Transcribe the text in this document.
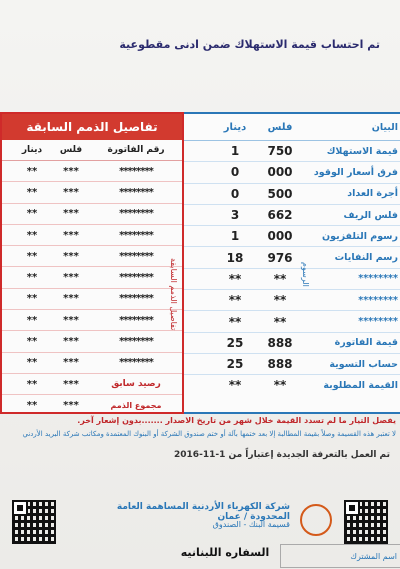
تم احتساب قيمة الاستهلاك ضمن ادنى مقطوعية
البيان
فلس
دينار
قيمة الاستهلاك
750
1
فرق أسعار الوقود
000
0
أجرة العداد
500
0
فلس الريف
662
3
رسوم التلفزيون
000
1
رسم النفايات
976
18
********
**
**
********
**
**
********
**
**
قيمة الفاتورة
888
25
حساب التسوية
888
25
القيمة المطلوبة
**
**
الرسوم
تفاصيل الذمم السابقة
رقم الفاتورة
فلس
دينار
********
***
**
********
***
**
********
***
**
********
***
**
********
***
**
********
***
**
********
***
**
********
***
**
********
***
**
********
***
**
رصيد سابق
***
**
مجموع الذمم
***
**
تفاصيل الذمم السابقة
يفصل التيار ما لم تسدد القيمة خلال شهر من تاريخ الاصدار .......بدون إشعار آخر.
لا تعتبر هذه القسيمة وصلاً بقيمة المطالبة إلا بعد ختمها بآلة أو ختم صندوق الشركة أو البنوك المعتمدة ومكاتب شركة البريد الأردني
تم العمل بالتعرفة الجديدة إعتباراً من 1-11-2016
شركة الكهرباء الأردنية المساهمة العامة المحدودة / عمان
قسيمة البنك - الصندوق
اسم المشترك
السفاره اللبنانيه
